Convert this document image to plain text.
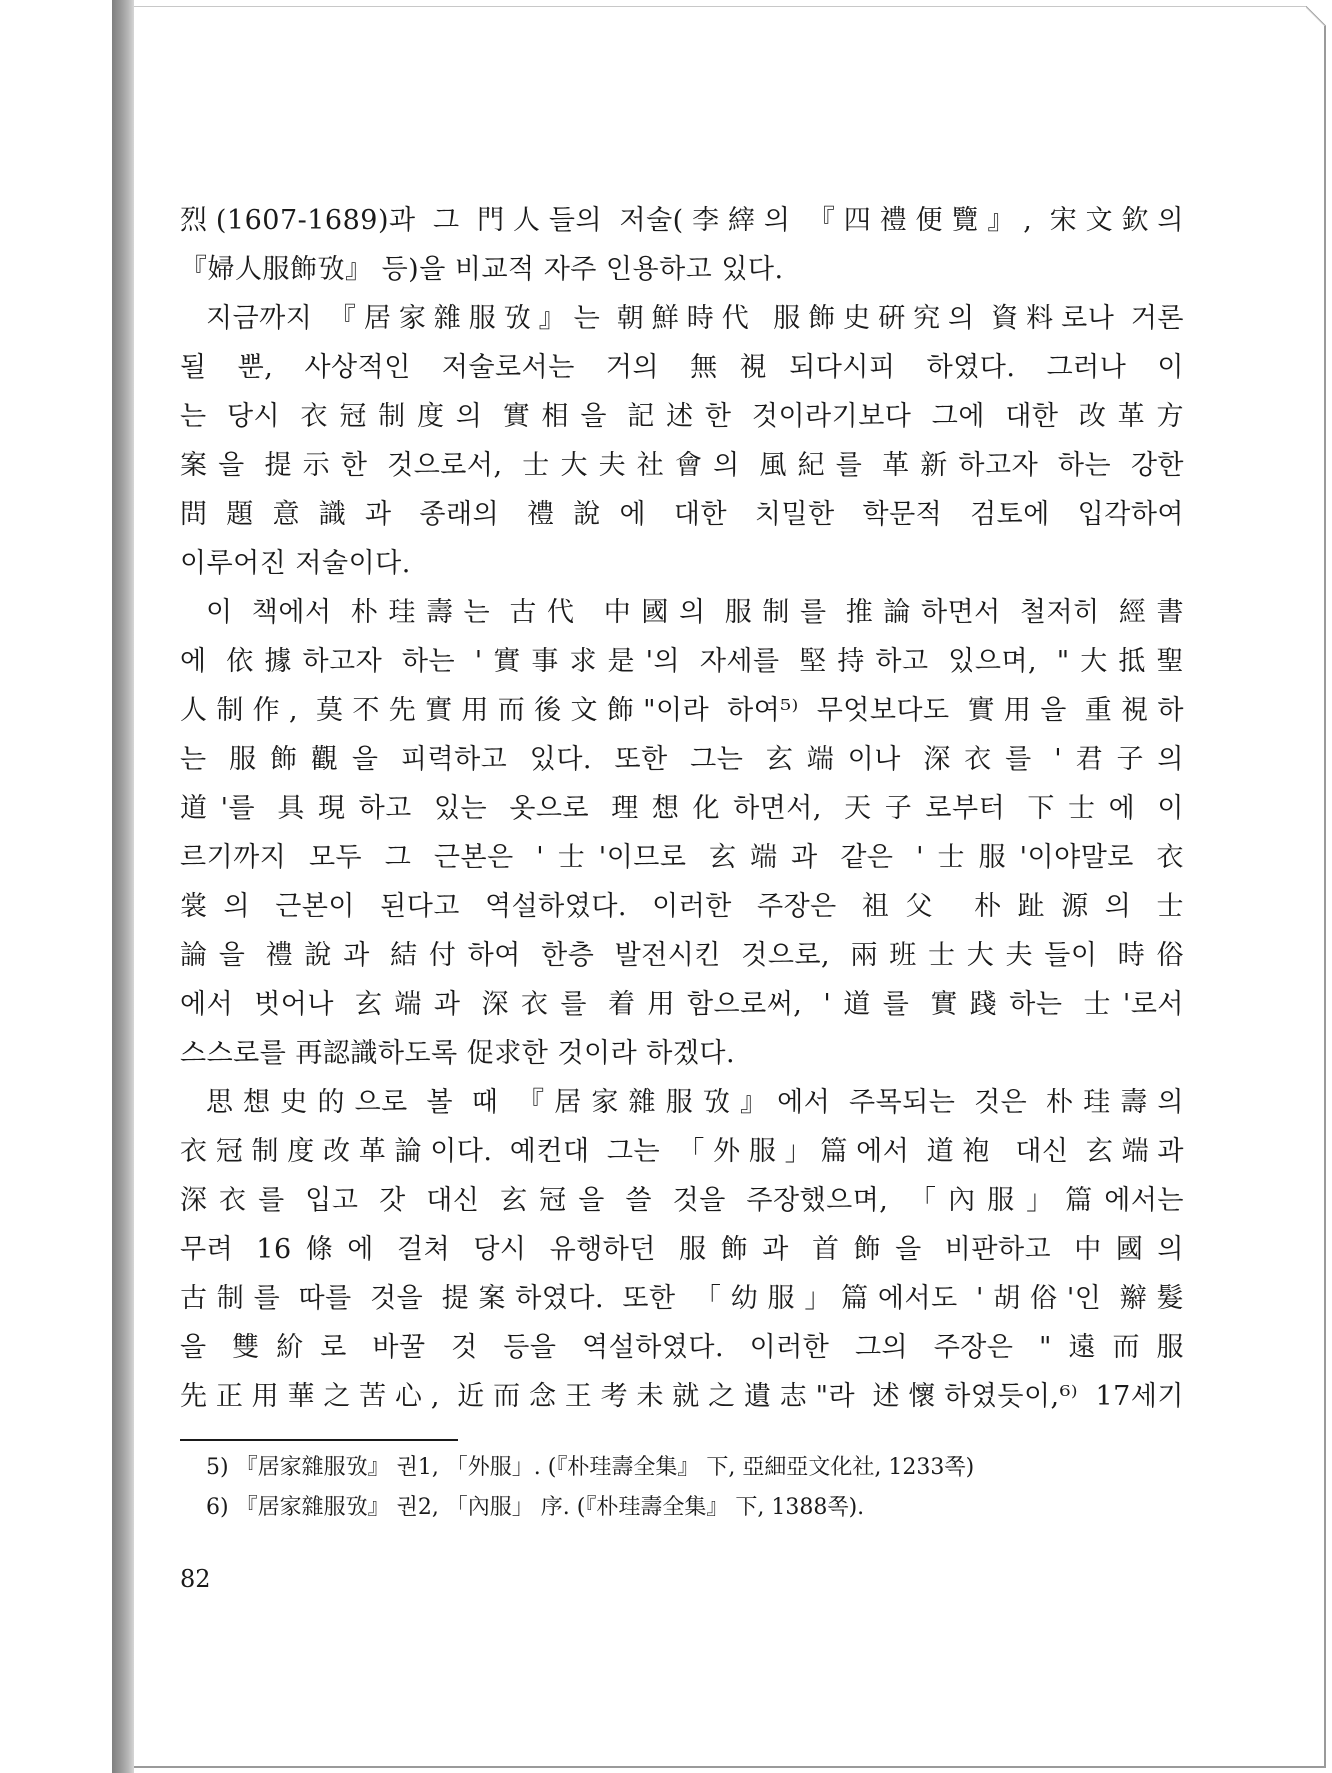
烈(1607-1689)과 그 門人들의 저술(李縡의 『四禮便覽』, 宋文欽의
『婦人服飾攷』 등)을 비교적 자주 인용하고 있다.
지금까지 『居家雜服攷』는 朝鮮時代 服飾史硏究의 資料로나 거론
될 뿐, 사상적인 저술로서는 거의 無視되다시피 하였다. 그러나 이
는 당시 衣冠制度의 實相을 記述한 것이라기보다 그에 대한 改革方
案을 提示한 것으로서, 士大夫社會의 風紀를 革新하고자 하는 강한
問題意識과 종래의 禮說에 대한 치밀한 학문적 검토에 입각하여
이루어진 저술이다.
이 책에서 朴珪壽는 古代 中國의 服制를 推論하면서 철저히 經書
에 依據하고자 하는 '實事求是'의 자세를 堅持하고 있으며, "大抵聖
人制作, 莫不先實用而後文飾"이라 하여⁵⁾ 무엇보다도 實用을 重視하
는 服飾觀을 피력하고 있다. 또한 그는 玄端이나 深衣를 '君子의
道'를 具現하고 있는 옷으로 理想化하면서, 天子로부터 下士에 이
르기까지 모두 그 근본은 '士'이므로 玄端과 같은 '士服'이야말로 衣
裳의 근본이 된다고 역설하였다. 이러한 주장은 祖父 朴趾源의 士
論을 禮說과 結付하여 한층 발전시킨 것으로, 兩班士大夫들이 時俗
에서 벗어나 玄端과 深衣를 着用함으로써, '道를 實踐하는 士'로서
스스로를 再認識하도록 促求한 것이라 하겠다.
思想史的으로 볼 때 『居家雜服攷』에서 주목되는 것은 朴珪壽의
衣冠制度改革論이다. 예컨대 그는 「外服」篇에서 道袍 대신 玄端과
深衣를 입고 갓 대신 玄冠을 쓸 것을 주장했으며, 「內服」篇에서는
무려 16條에 걸쳐 당시 유행하던 服飾과 首飾을 비판하고 中國의
古制를 따를 것을 提案하였다. 또한 「幼服」篇에서도 '胡俗'인 辮髮
을 雙紒로 바꿀 것 등을 역설하였다. 이러한 그의 주장은 "遠而服
先正用華之苦心, 近而念王考未就之遺志"라 述懷하였듯이,⁶⁾ 17세기
5) 『居家雜服攷』 권1, 「外服」. (『朴珪壽全集』 下, 亞細亞文化社, 1233쪽)
6) 『居家雜服攷』 권2, 「內服」 序. (『朴珪壽全集』 下, 1388쪽).
82
